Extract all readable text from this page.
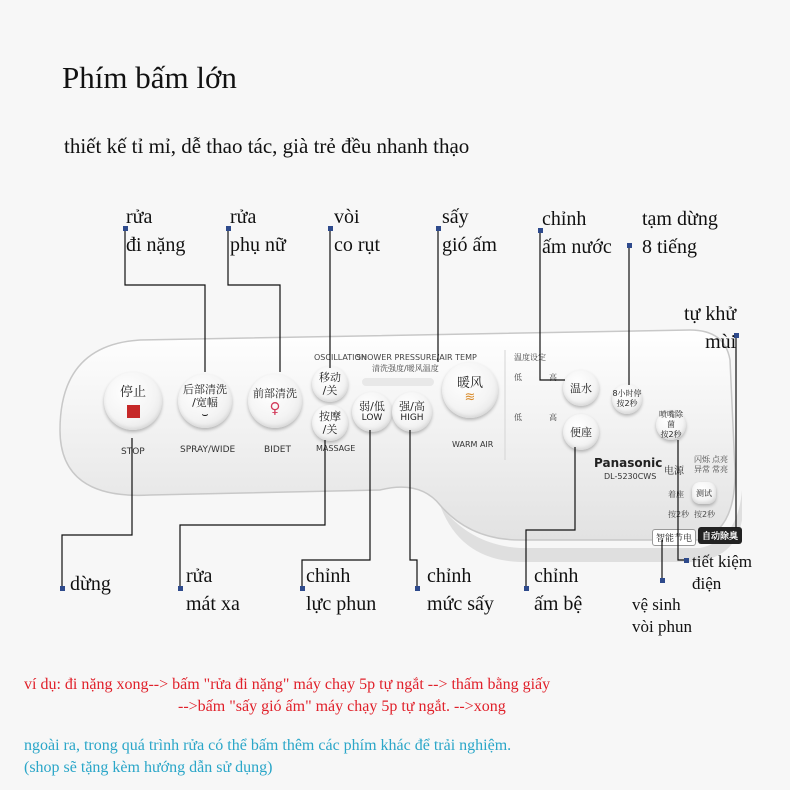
Phím bấm lớn
thiết kế tỉ mỉ, dễ thao tác, già trẻ đều nhanh thạo
停止
STOP
后部清洗
/宽幅
⌣
SPRAY/WIDE
前部清洗
♀
BIDET
OSCILLATION
移动
/关
按摩
/关
MASSAGE
SHOWER PRESSURE/AIR TEMP
清洗强度/暖风温度
弱/低
LOW
强/高
HIGH
暖风
≋
WARM AIR
温度设定
低	高
低	高
温水
便座
8小时停
按2秒
喷嘴除菌
按2秒
Panasonic
DL-5230CWS 电源
闪烁 点亮
异常 常亮
着座
按2秒
测试
按2秒
智能节电	自动除臭
rửa
đi nặng
rửa
phụ nữ
vòi
co rụt
sấy
gió ấm
chỉnh
ấm nước
tạm dừng
8 tiếng
tự khử
mùi
dừng	rửa
mát xa
chỉnh
lực phun
chỉnh
mức sấy
chỉnh
ấm bệ
tiết kiệm
điện
vệ sinh
vòi phun
ví dụ: đi nặng xong--> bấm "rửa đi nặng" máy chạy 5p tự ngắt --> thấm bằng giấy
-->bấm "sấy gió ấm" máy chạy 5p tự ngắt. -->xong
ngoài ra, trong quá trình rửa có thể bấm thêm các phím khác để trải nghiệm.
(shop sẽ tặng kèm hướng dẫn sử dụng)
